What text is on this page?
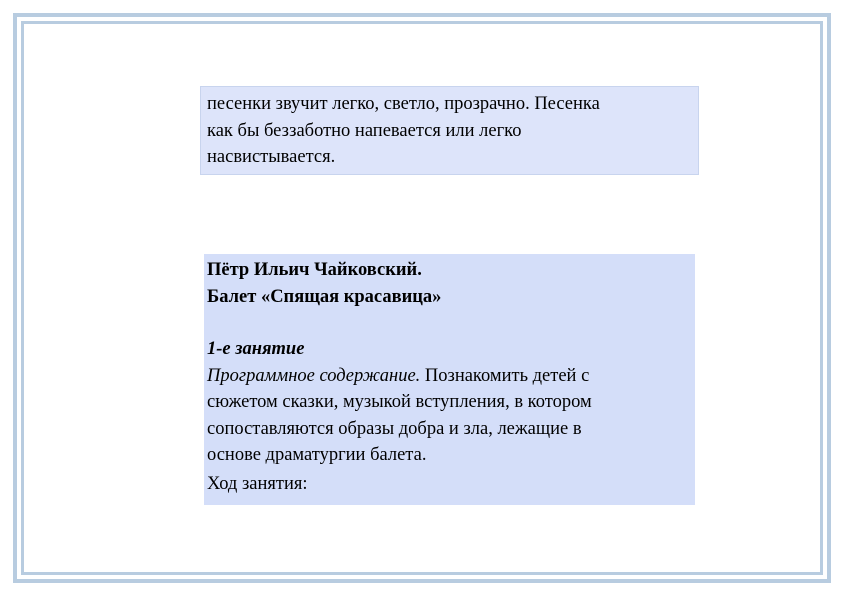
песенки звучит легко, светло, прозрачно. Песенка
как бы беззаботно напевается или легко
насвистывается.
Пётр Ильич Чайковский.
Балет «Спящая красавица»
1-е занятие
Программное содержание. Познакомить детей с
сюжетом сказки, музыкой вступления, в котором
сопоставляются образы добра и зла, лежащие в
основе драматургии балета.
Ход занятия:
